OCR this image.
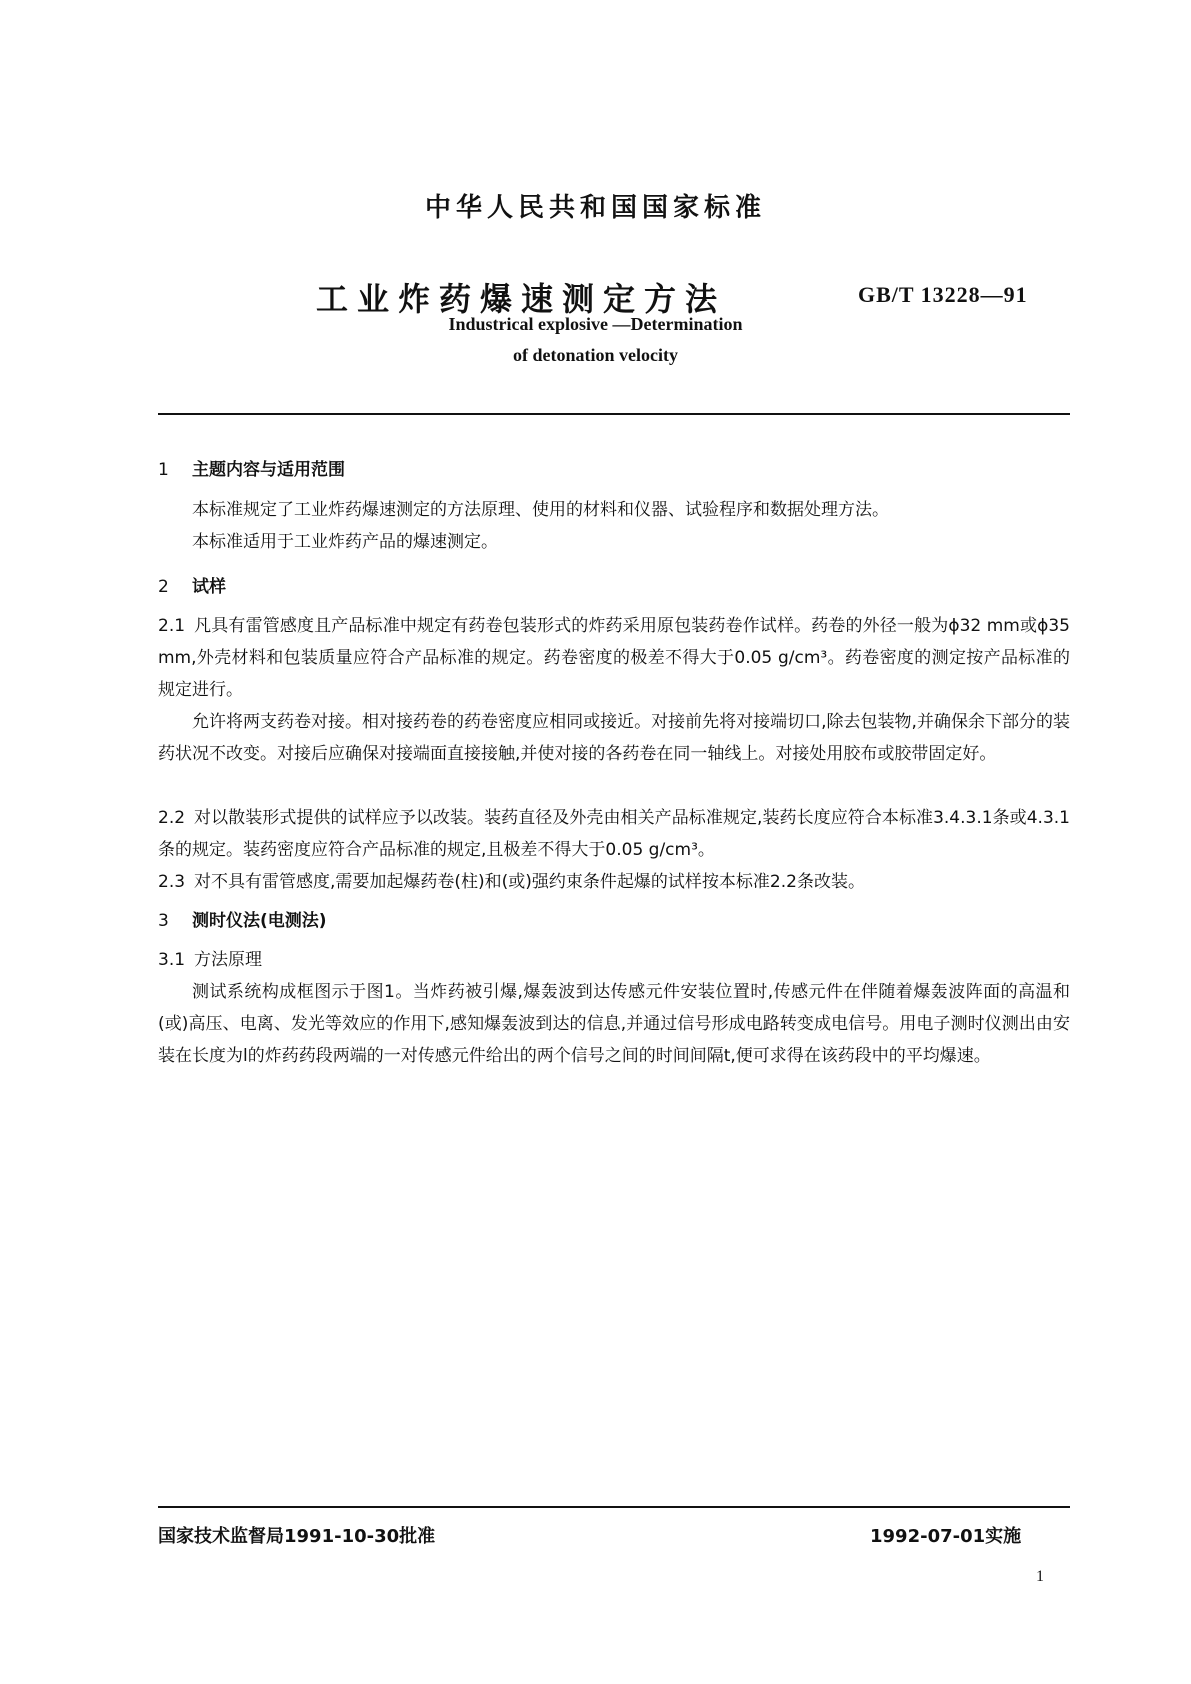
中华人民共和国国家标准
工业炸药爆速测定方法	GB/T 13228—91
Industrical explosive —Determination
of detonation velocity
1 主题内容与适用范围
本标准规定了工业炸药爆速测定的方法原理、使用的材料和仪器、试验程序和数据处理方法。
本标准适用于工业炸药产品的爆速测定。
2 试样
2.1 凡具有雷管感度且产品标准中规定有药卷包装形式的炸药采用原包装药卷作试样。药卷的外径一般为ϕ32 mm或ϕ35 mm,外壳材料和包装质量应符合产品标准的规定。药卷密度的极差不得大于0.05 g/cm³。药卷密度的测定按产品标准的规定进行。
允许将两支药卷对接。相对接药卷的药卷密度应相同或接近。对接前先将对接端切口,除去包装物,并确保余下部分的装药状况不改变。对接后应确保对接端面直接接触,并使对接的各药卷在同一轴线上。对接处用胶布或胶带固定好。
2.2 对以散装形式提供的试样应予以改装。装药直径及外壳由相关产品标准规定,装药长度应符合本标准3.4.3.1条或4.3.1条的规定。装药密度应符合产品标准的规定,且极差不得大于0.05 g/cm³。
2.3 对不具有雷管感度,需要加起爆药卷(柱)和(或)强约束条件起爆的试样按本标准2.2条改装。
3 测时仪法(电测法)
3.1 方法原理
测试系统构成框图示于图1。当炸药被引爆,爆轰波到达传感元件安装位置时,传感元件在伴随着爆轰波阵面的高温和(或)高压、电离、发光等效应的作用下,感知爆轰波到达的信息,并通过信号形成电路转变成电信号。用电子测时仪测出由安装在长度为l的炸药药段两端的一对传感元件给出的两个信号之间的时间间隔t,便可求得在该药段中的平均爆速。
国家技术监督局1991-10-30批准	1992-07-01实施
1
